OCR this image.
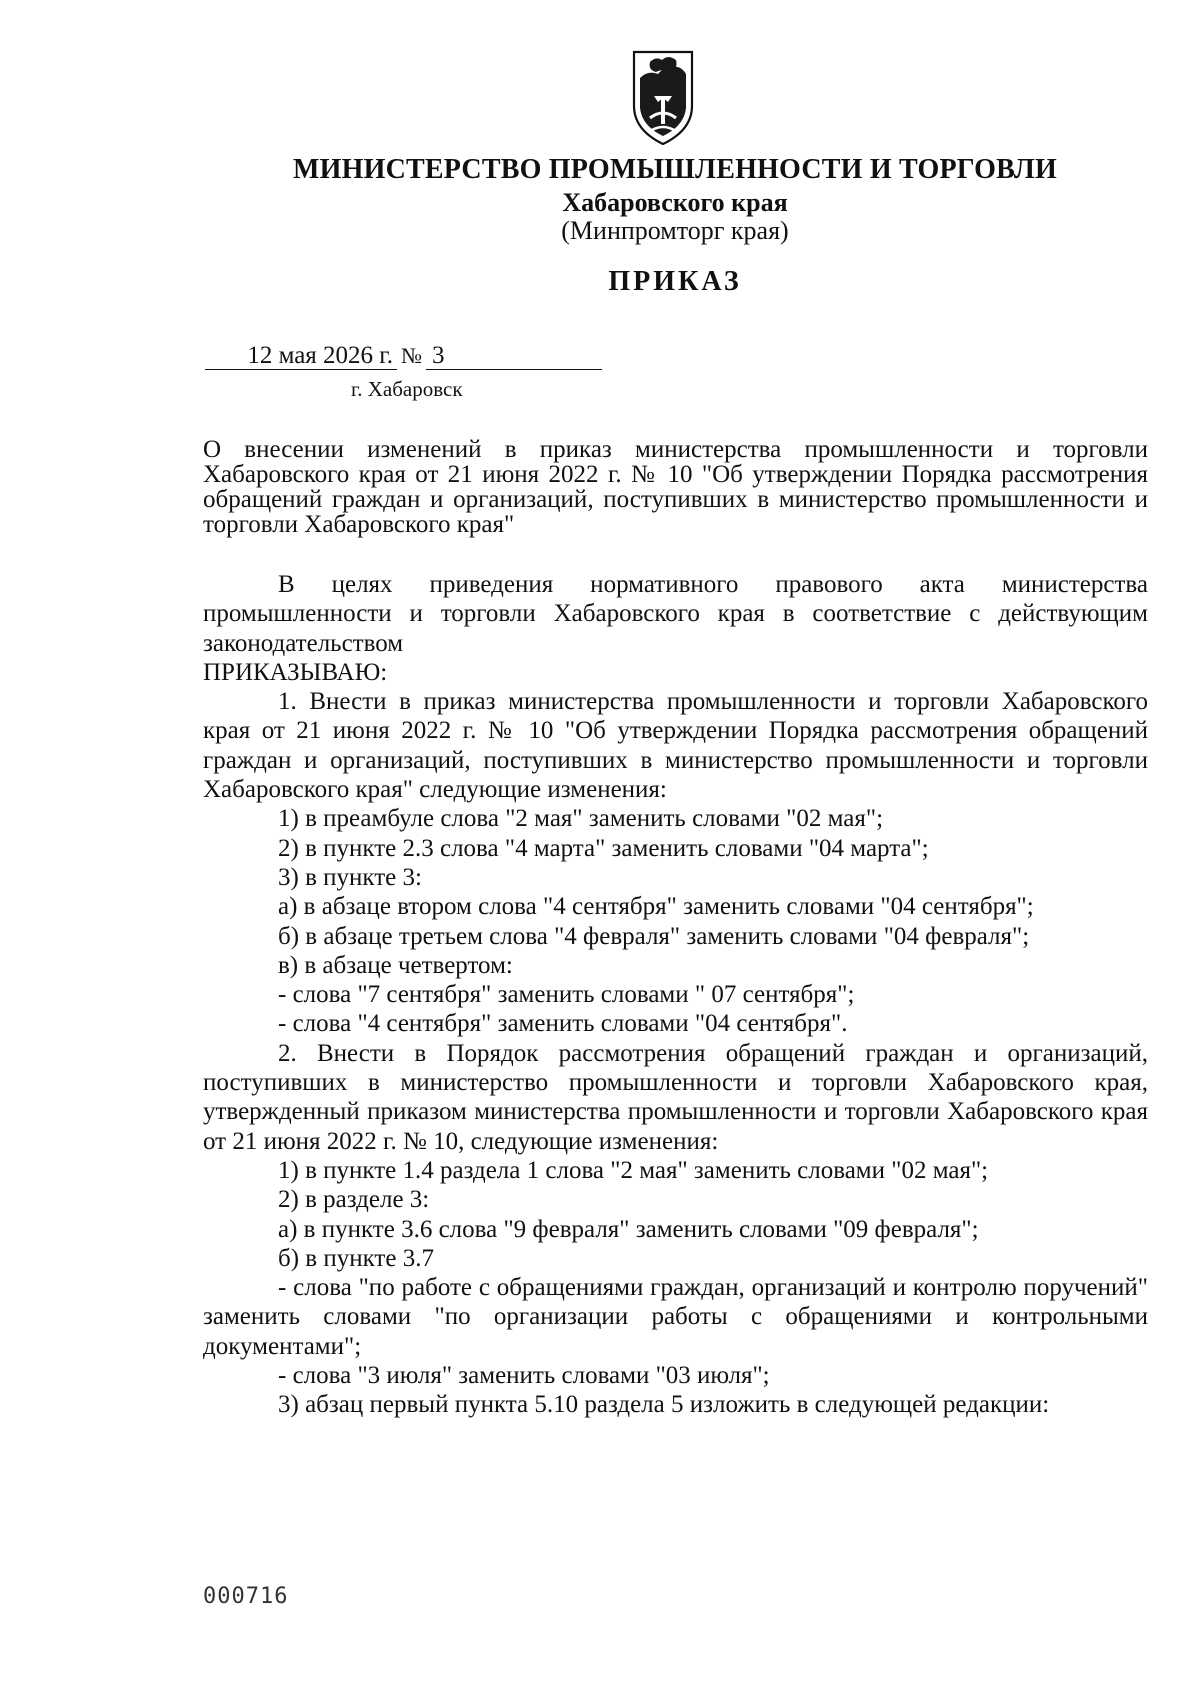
МИНИСТЕРСТВО ПРОМЫШЛЕННОСТИ И ТОРГОВЛИ
Хабаровского края
(Минпромторг края)
ПРИКАЗ
12 мая 2026 г. № 3
г. Хабаровск
О внесении изменений в приказ министерства промышленности и торговли Хабаровского края от 21 июня 2022 г. № 10 "Об утверждении Порядка рассмотрения обращений граждан и организаций, поступивших в министерство промышленности и торговли Хабаровского края"

В целях приведения нормативного правового акта министерства промышленности и торговли Хабаровского края в соответствие с действующим законодательством

ПРИКАЗЫВАЮ:

1. Внести в приказ министерства промышленности и торговли Хабаровского края от 21 июня 2022 г. № 10 "Об утверждении Порядка рассмотрения обращений граждан и организаций, поступивших в министерство промышленности и торговли Хабаровского края" следующие изменения:

1) в преамбуле слова "2 мая" заменить словами "02 мая";

2) в пункте 2.3 слова "4 марта" заменить словами "04 марта";

3) в пункте 3:

а) в абзаце втором слова "4 сентября" заменить словами "04 сентября";

б) в абзаце третьем слова "4 февраля" заменить словами "04 февраля";

в) в абзаце четвертом:

- слова "7 сентября" заменить словами " 07 сентября";

- слова "4 сентября" заменить словами "04 сентября".

2. Внести в Порядок рассмотрения обращений граждан и организаций, поступивших в министерство промышленности и торговли Хабаровского края, утвержденный приказом министерства промышленности и торговли Хабаровского края от 21 июня 2022 г. № 10, следующие изменения:

1) в пункте 1.4 раздела 1 слова "2 мая" заменить словами "02 мая";

2) в разделе 3:

а) в пункте 3.6 слова "9 февраля" заменить словами "09 февраля";

б) в пункте 3.7

- слова "по работе с обращениями граждан, организаций и контролю поручений" заменить словами "по организации работы с обращениями и контрольными документами";

- слова "3 июля" заменить словами "03 июля";

3) абзац первый пункта 5.10 раздела 5 изложить в следующей редакции:

000716
